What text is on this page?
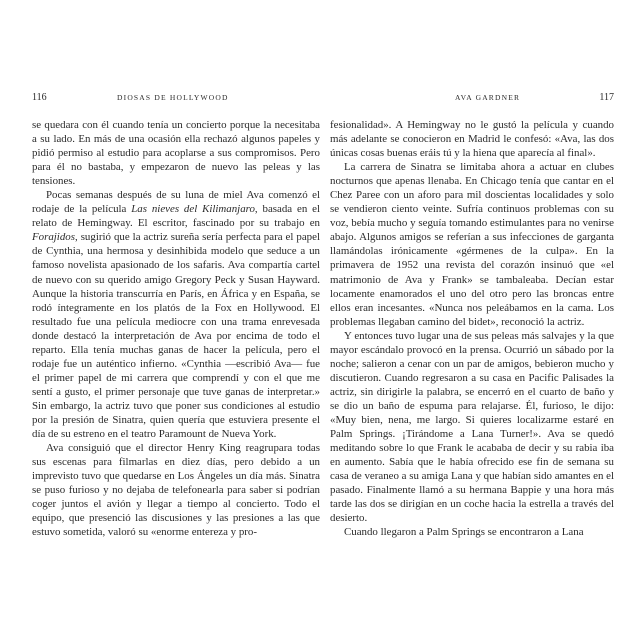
116	DIOSAS DE HOLLYWOOD

se quedara con él cuando tenía un concierto porque la necesitaba a su lado. En más de una ocasión ella rechazó algunos papeles y pidió permiso al estudio para acoplarse a sus compromisos. Pero para él no bastaba, y empezaron de nuevo las peleas y las tensiones.

Pocas semanas después de su luna de miel Ava comenzó el rodaje de la película Las nieves del Kilimanjaro, basada en el relato de Hemingway. El escritor, fascinado por su trabajo en Forajidos, sugirió que la actriz sureña sería perfecta para el papel de Cynthia, una hermosa y desinhibida modelo que seduce a un famoso novelista apasionado de los safaris. Ava compartía cartel de nuevo con su querido amigo Gregory Peck y Susan Hayward. Aunque la historia transcurría en París, en África y en España, se rodó íntegramente en los platós de la Fox en Hollywood. El resultado fue una película mediocre con una trama enrevesada donde destacó la interpretación de Ava por encima de todo el reparto. Ella tenía muchas ganas de hacer la película, pero el rodaje fue un auténtico infierno. «Cynthia —escribió Ava— fue el primer papel de mi carrera que comprendí y con el que me sentí a gusto, el primer personaje que tuve ganas de interpretar.» Sin embargo, la actriz tuvo que poner sus condiciones al estudio por la presión de Sinatra, quien quería que estuviera presente el día de su estreno en el teatro Paramount de Nueva York.

Ava consiguió que el director Henry King reagrupara todas sus escenas para filmarlas en diez días, pero debido a un imprevisto tuvo que quedarse en Los Ángeles un día más. Sinatra se puso furioso y no dejaba de telefonearla para saber si podrían coger juntos el avión y llegar a tiempo al concierto. Todo el equipo, que presenció las discusiones y las presiones a las que estuvo sometida, valoró su «enorme entereza y pro-

AVA GARDNER	117

fesionalidad». A Hemingway no le gustó la película y cuando más adelante se conocieron en Madrid le confesó: «Ava, las dos únicas cosas buenas eráis tú y la hiena que aparecía al final».

La carrera de Sinatra se limitaba ahora a actuar en clubes nocturnos que apenas llenaba. En Chicago tenía que cantar en el Chez Paree con un aforo para mil doscientas localidades y solo se vendieron ciento veinte. Sufría continuos problemas con su voz, bebía mucho y seguía tomando estimulantes para no venirse abajo. Algunos amigos se referían a sus infecciones de garganta llamándolas irónicamente «gérmenes de la culpa». En la primavera de 1952 una revista del corazón insinuó que «el matrimonio de Ava y Frank» se tambaleaba. Decían estar locamente enamorados el uno del otro pero las broncas entre ellos eran incesantes. «Nunca nos peleábamos en la cama. Los problemas llegaban camino del bidet», reconoció la actriz.

Y entonces tuvo lugar una de sus peleas más salvajes y la que mayor escándalo provocó en la prensa. Ocurrió un sábado por la noche; salieron a cenar con un par de amigos, bebieron mucho y discutieron. Cuando regresaron a su casa en Pacific Palisades la actriz, sin dirigirle la palabra, se encerró en el cuarto de baño y se dio un baño de espuma para relajarse. Él, furioso, le dijo: «Muy bien, nena, me largo. Si quieres localizarme estaré en Palm Springs. ¡Tirándome a Lana Turner!». Ava se quedó meditando sobre lo que Frank le acababa de decir y su rabia iba en aumento. Sabía que le había ofrecido ese fin de semana su casa de veraneo a su amiga Lana y que habían sido amantes en el pasado. Finalmente llamó a su hermana Bappie y una hora más tarde las dos se dirigían en un coche hacia la estrella a través del desierto.

Cuando llegaron a Palm Springs se encontraron a Lana
